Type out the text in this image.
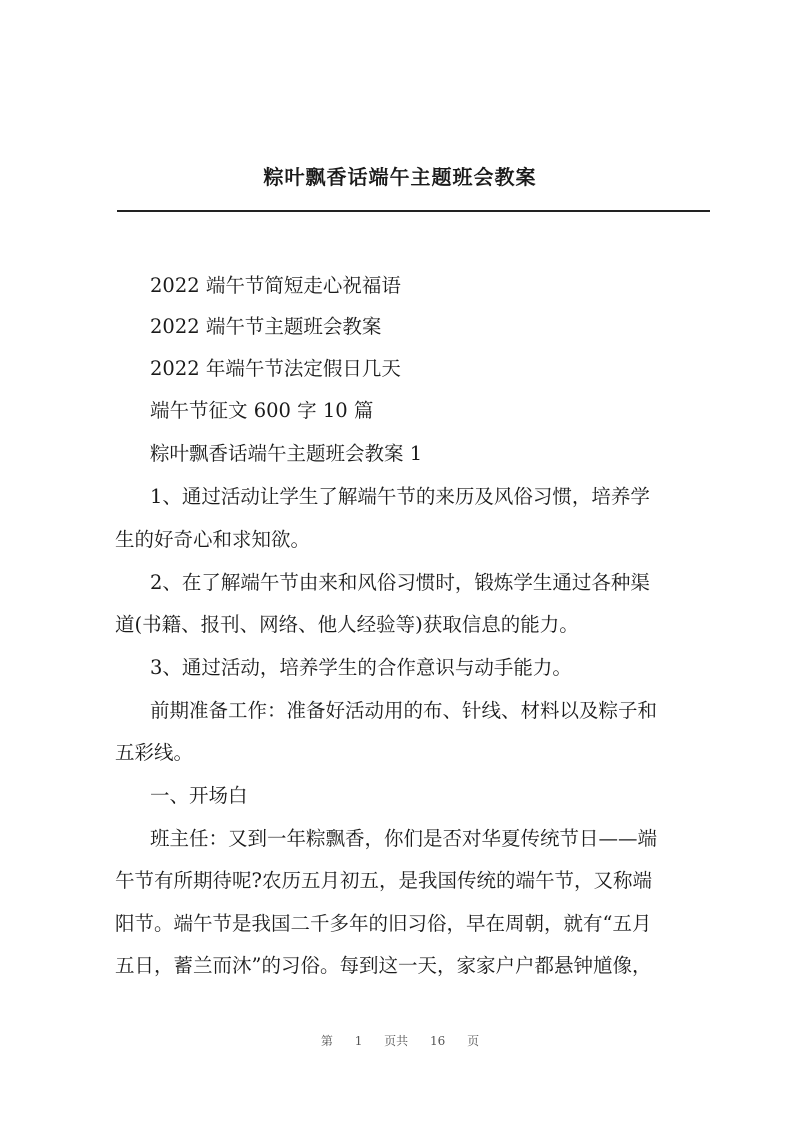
粽叶飘香话端午主题班会教案
2022 端午节简短走心祝福语
2022 端午节主题班会教案
2022 年端午节法定假日几天
端午节征文 600 字 10 篇
粽叶飘香话端午主题班会教案 1
1、通过活动让学生了解端午节的来历及风俗习惯，培养学
生的好奇心和求知欲。
2、在了解端午节由来和风俗习惯时，锻炼学生通过各种渠
道(书籍、报刊、网络、他人经验等)获取信息的能力。
3、通过活动，培养学生的合作意识与动手能力。
前期准备工作：准备好活动用的布、针线、材料以及粽子和
五彩线。
一、开场白
班主任：又到一年粽飘香，你们是否对华夏传统节日——端
午节有所期待呢?农历五月初五，是我国传统的端午节，又称端
阳节。端午节是我国二千多年的旧习俗，早在周朝，就有“五月
五日，蓄兰而沐”的习俗。每到这一天，家家户户都悬钟馗像，
第 1 页共 16 页
